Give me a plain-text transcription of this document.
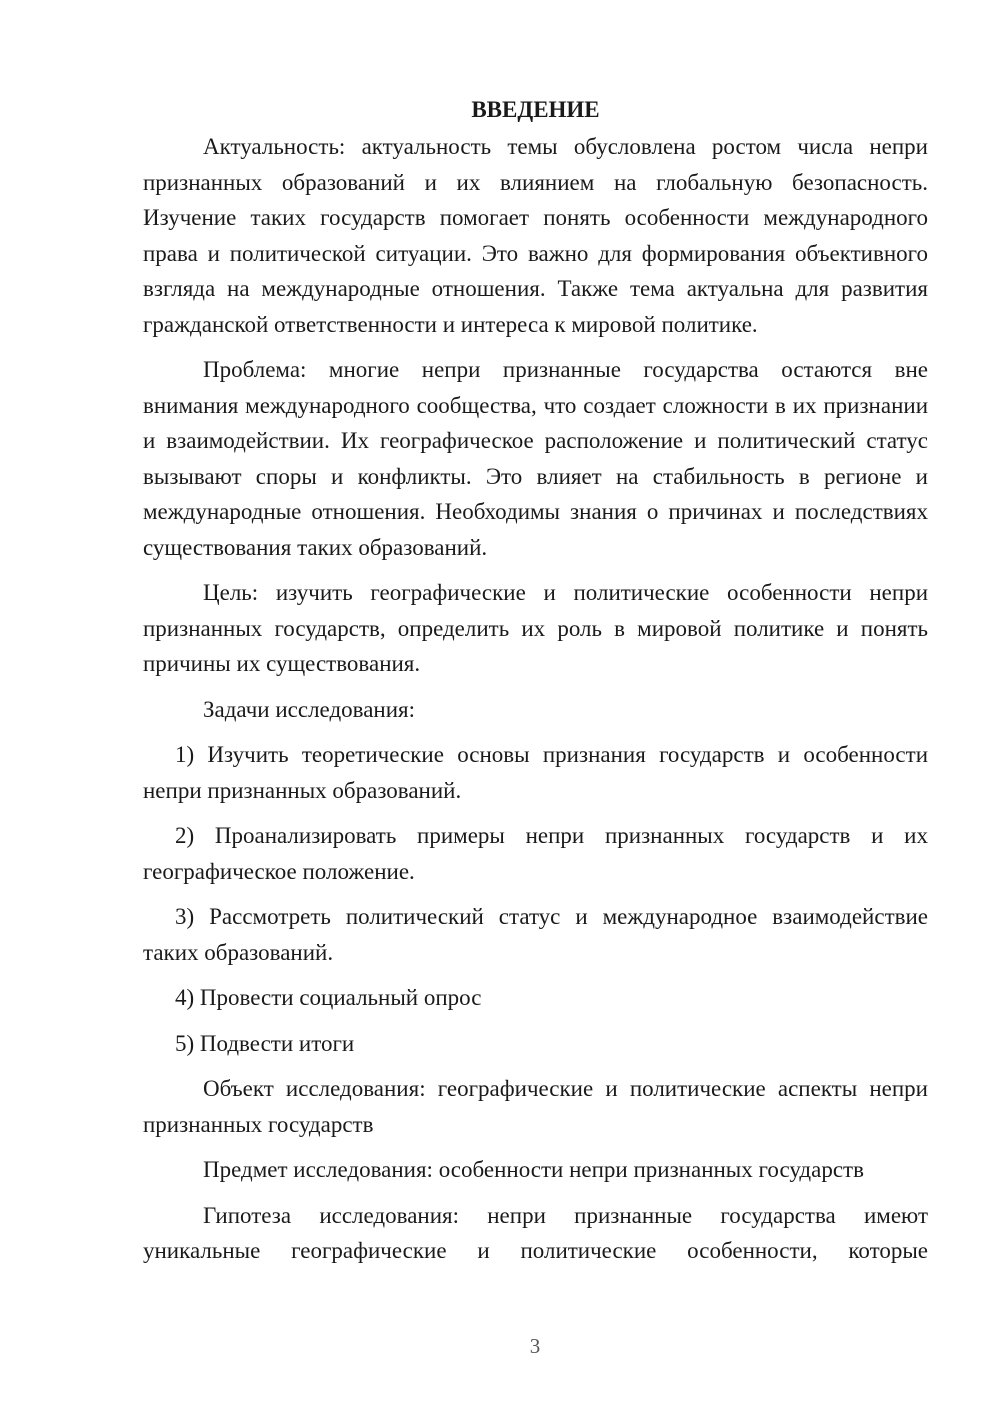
ВВЕДЕНИЕ

Актуальность: актуальность темы обусловлена ростом числа непри признанных образований и их влиянием на глобальную безопасность. Изучение таких государств помогает понять особенности международного права и политической ситуации. Это важно для формирования объективного взгляда на международные отношения. Также тема актуальна для развития гражданской ответственности и интереса к мировой политике.

Проблема: многие непри признанные государства остаются вне внимания международного сообщества, что создает сложности в их признании и взаимодействии. Их географическое расположение и политический статус вызывают споры и конфликты. Это влияет на стабильность в регионе и международные отношения. Необходимы знания о причинах и последствиях существования таких образований.

Цель: изучить географические и политические особенности непри признанных государств, определить их роль в мировой политике и понять причины их существования.

Задачи исследования:

1) Изучить теоретические основы признания государств и особенности непри признанных образований.

2) Проанализировать примеры непри признанных государств и их географическое положение.

3) Рассмотреть политический статус и международное взаимодействие таких образований.

4) Провести социальный опрос

5) Подвести итоги

Объект исследования: географические и политические аспекты непри признанных государств

Предмет исследования: особенности непри признанных государств

Гипотеза исследования: непри признанные государства имеют уникальные географические и политические особенности, которые

3
